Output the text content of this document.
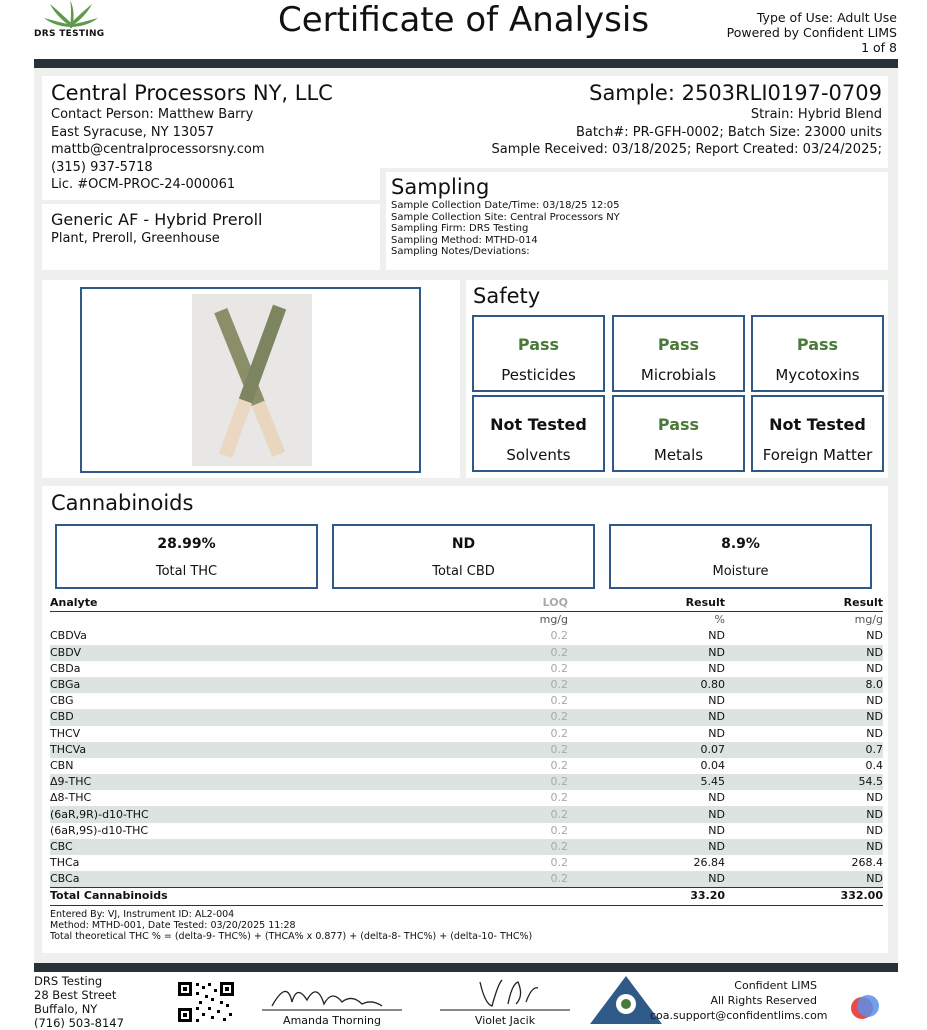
DRS TESTING	Certificate of Analysis	Type of Use: Adult Use
Powered by Confident LIMS
1 of 8
Central Processors NY, LLC
Contact Person: Matthew Barry
East Syracuse, NY 13057
mattb@centralprocessorsny.com
(315) 937-5718
Lic. #OCM-PROC-24-000061
Sample: 2503RLI0197-0709
Strain: Hybrid Blend
Batch#: PR-GFH-0002; Batch Size: 23000 units
Sample Received: 03/18/2025; Report Created: 03/24/2025;
Generic AF - Hybrid Preroll
Plant, Preroll, Greenhouse
Sampling
Sample Collection Date/Time: 03/18/25 12:05
Sample Collection Site: Central Processors NY
Sampling Firm: DRS Testing
Sampling Method: MTHD-014
Sampling Notes/Deviations:
Safety
Pass
Pesticides
Pass
Microbials
Pass
Mycotoxins
Not Tested
Solvents
Pass
Metals
Not Tested
Foreign Matter
Cannabinoids
28.99%
Total THC
ND
Total CBD
8.9%
Moisture
Analyte	LOQ	Result	Result
	mg/g	%	mg/g
CBDVa	0.2	ND	ND
CBDV	0.2	ND	ND
CBDa	0.2	ND	ND
CBGa	0.2	0.80	8.0
CBG	0.2	ND	ND
CBD	0.2	ND	ND
THCV	0.2	ND	ND
THCVa	0.2	0.07	0.7
CBN	0.2	0.04	0.4
Δ9-THC	0.2	5.45	54.5
Δ8-THC	0.2	ND	ND
(6aR,9R)-d10-THC	0.2	ND	ND
(6aR,9S)-d10-THC	0.2	ND	ND
CBC	0.2	ND	ND
THCa	0.2	26.84	268.4
CBCa	0.2	ND	ND
Total Cannabinoids		33.20	332.00
Entered By: VJ, Instrument ID: AL2-004
Method: MTHD-001, Date Tested: 03/20/2025 11:28
Total theoretical THC % = (delta-9- THC%) + (THCA% x 0.877) + (delta-8- THC%) + (delta-10- THC%)
DRS Testing
28 Best Street
Buffalo, NY
(716) 503-8147	Amanda Thorning	Violet Jacik
Confident LIMS
All Rights Reserved
coa.support@confidentlims.com
